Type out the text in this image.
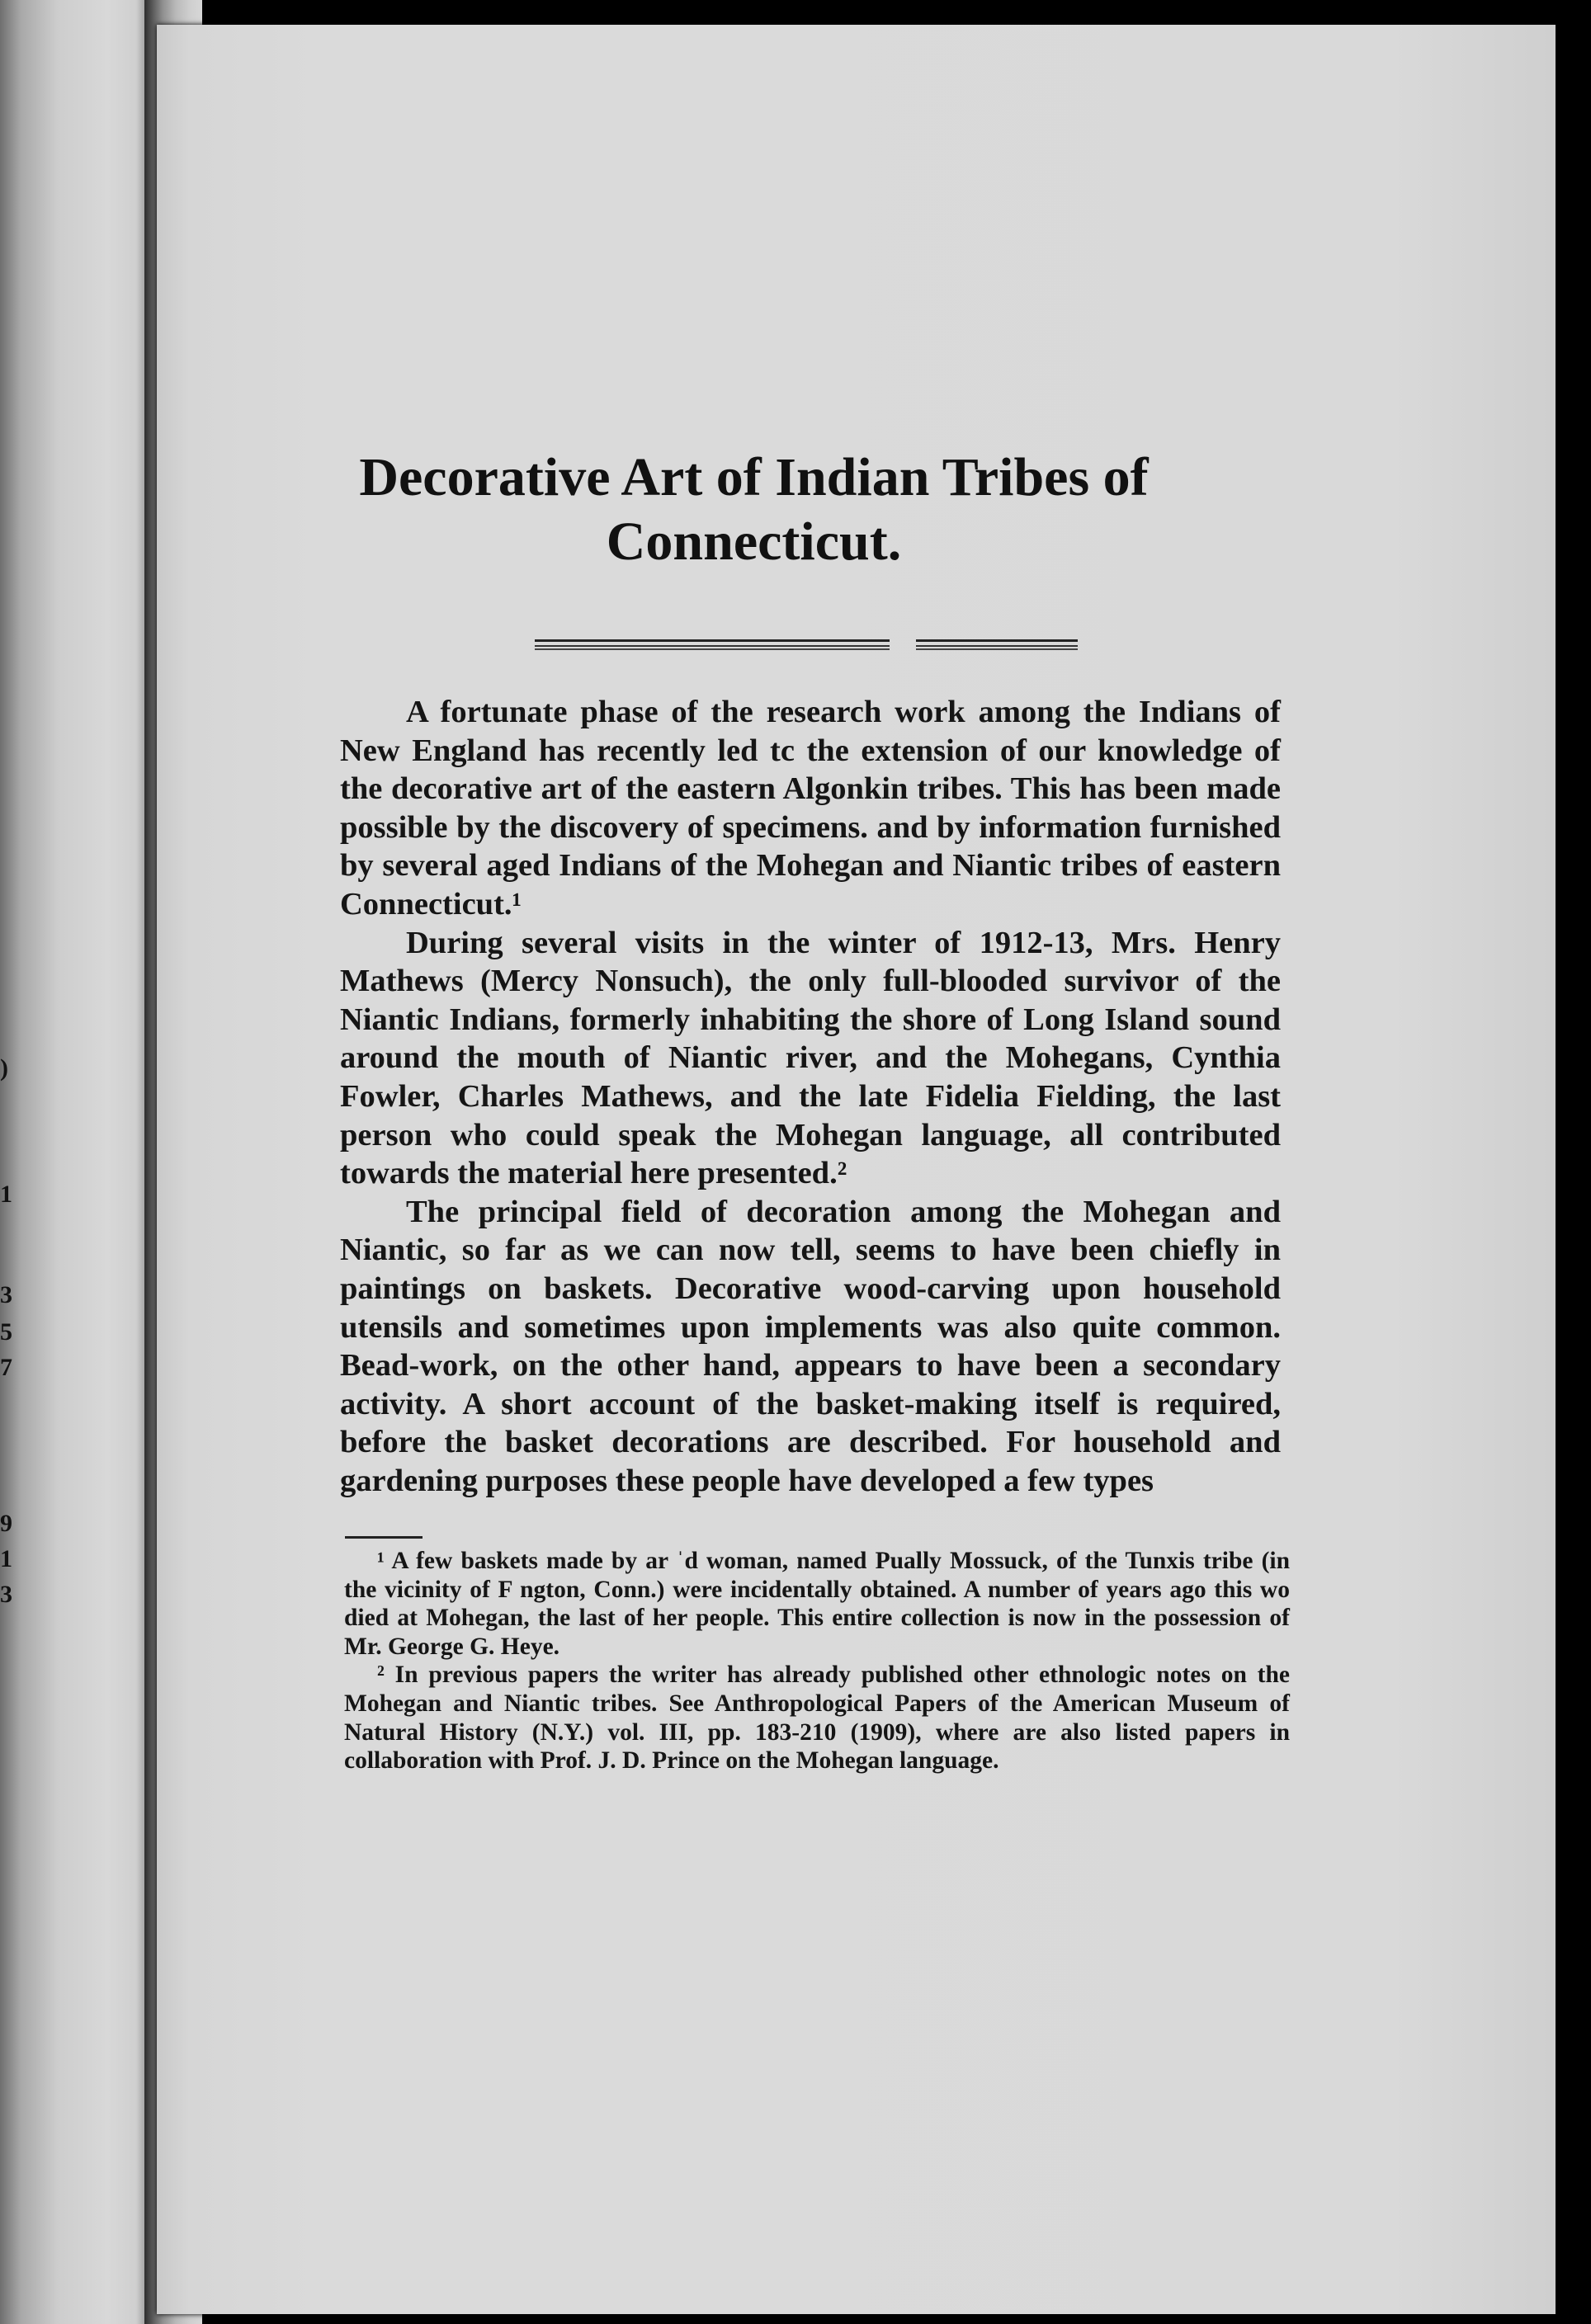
)
1
3
5
7
9
1
3
Decorative Art of Indian Tribes of
Connecticut.

A fortunate phase of the research work among the Indians of New England has recently led tc the extension of our knowledge of the decorative art of the eastern Algonkin tribes. This has been made possible by the discovery of specimens. and by information furnished by several aged Indians of the Mohegan and Niantic tribes of eastern Connecticut.¹

During several visits in the winter of 1912-13, Mrs. Henry Mathews (Mercy Nonsuch), the only full-blooded survivor of the Niantic Indians, formerly inhabiting the shore of Long Island sound around the mouth of Niantic river, and the Mohegans, Cynthia Fowler, Charles Mathews, and the late Fidelia Fielding, the last person who could speak the Mohegan language, all contributed towards the material here presented.²

The principal field of decoration among the Mohegan and Niantic, so far as we can now tell, seems to have been chiefly in paintings on baskets. Decorative wood-carving upon household utensils and sometimes upon implements was also quite common. Bead-work, on the other hand, appears to have been a secondary activity. A short account of the basket-making itself is required, before the basket decorations are described. For household and gardening purposes these people have developed a few types

¹ A few baskets made by ar ˈd woman, named Pually Mossuck, of the Tunxis tribe (in the vicinity of F ngton, Conn.) were incidentally obtained. A number of years ago this wo died at Mohegan, the last of her people. This entire collection is now in the possession of Mr. George G. Heye.

² In previous papers the writer has already published other ethnologic notes on the Mohegan and Niantic tribes. See Anthropological Papers of the American Museum of Natural History (N.Y.) vol. III, pp. 183-210 (1909), where are also listed papers in collaboration with Prof. J. D. Prince on the Mohegan language.
